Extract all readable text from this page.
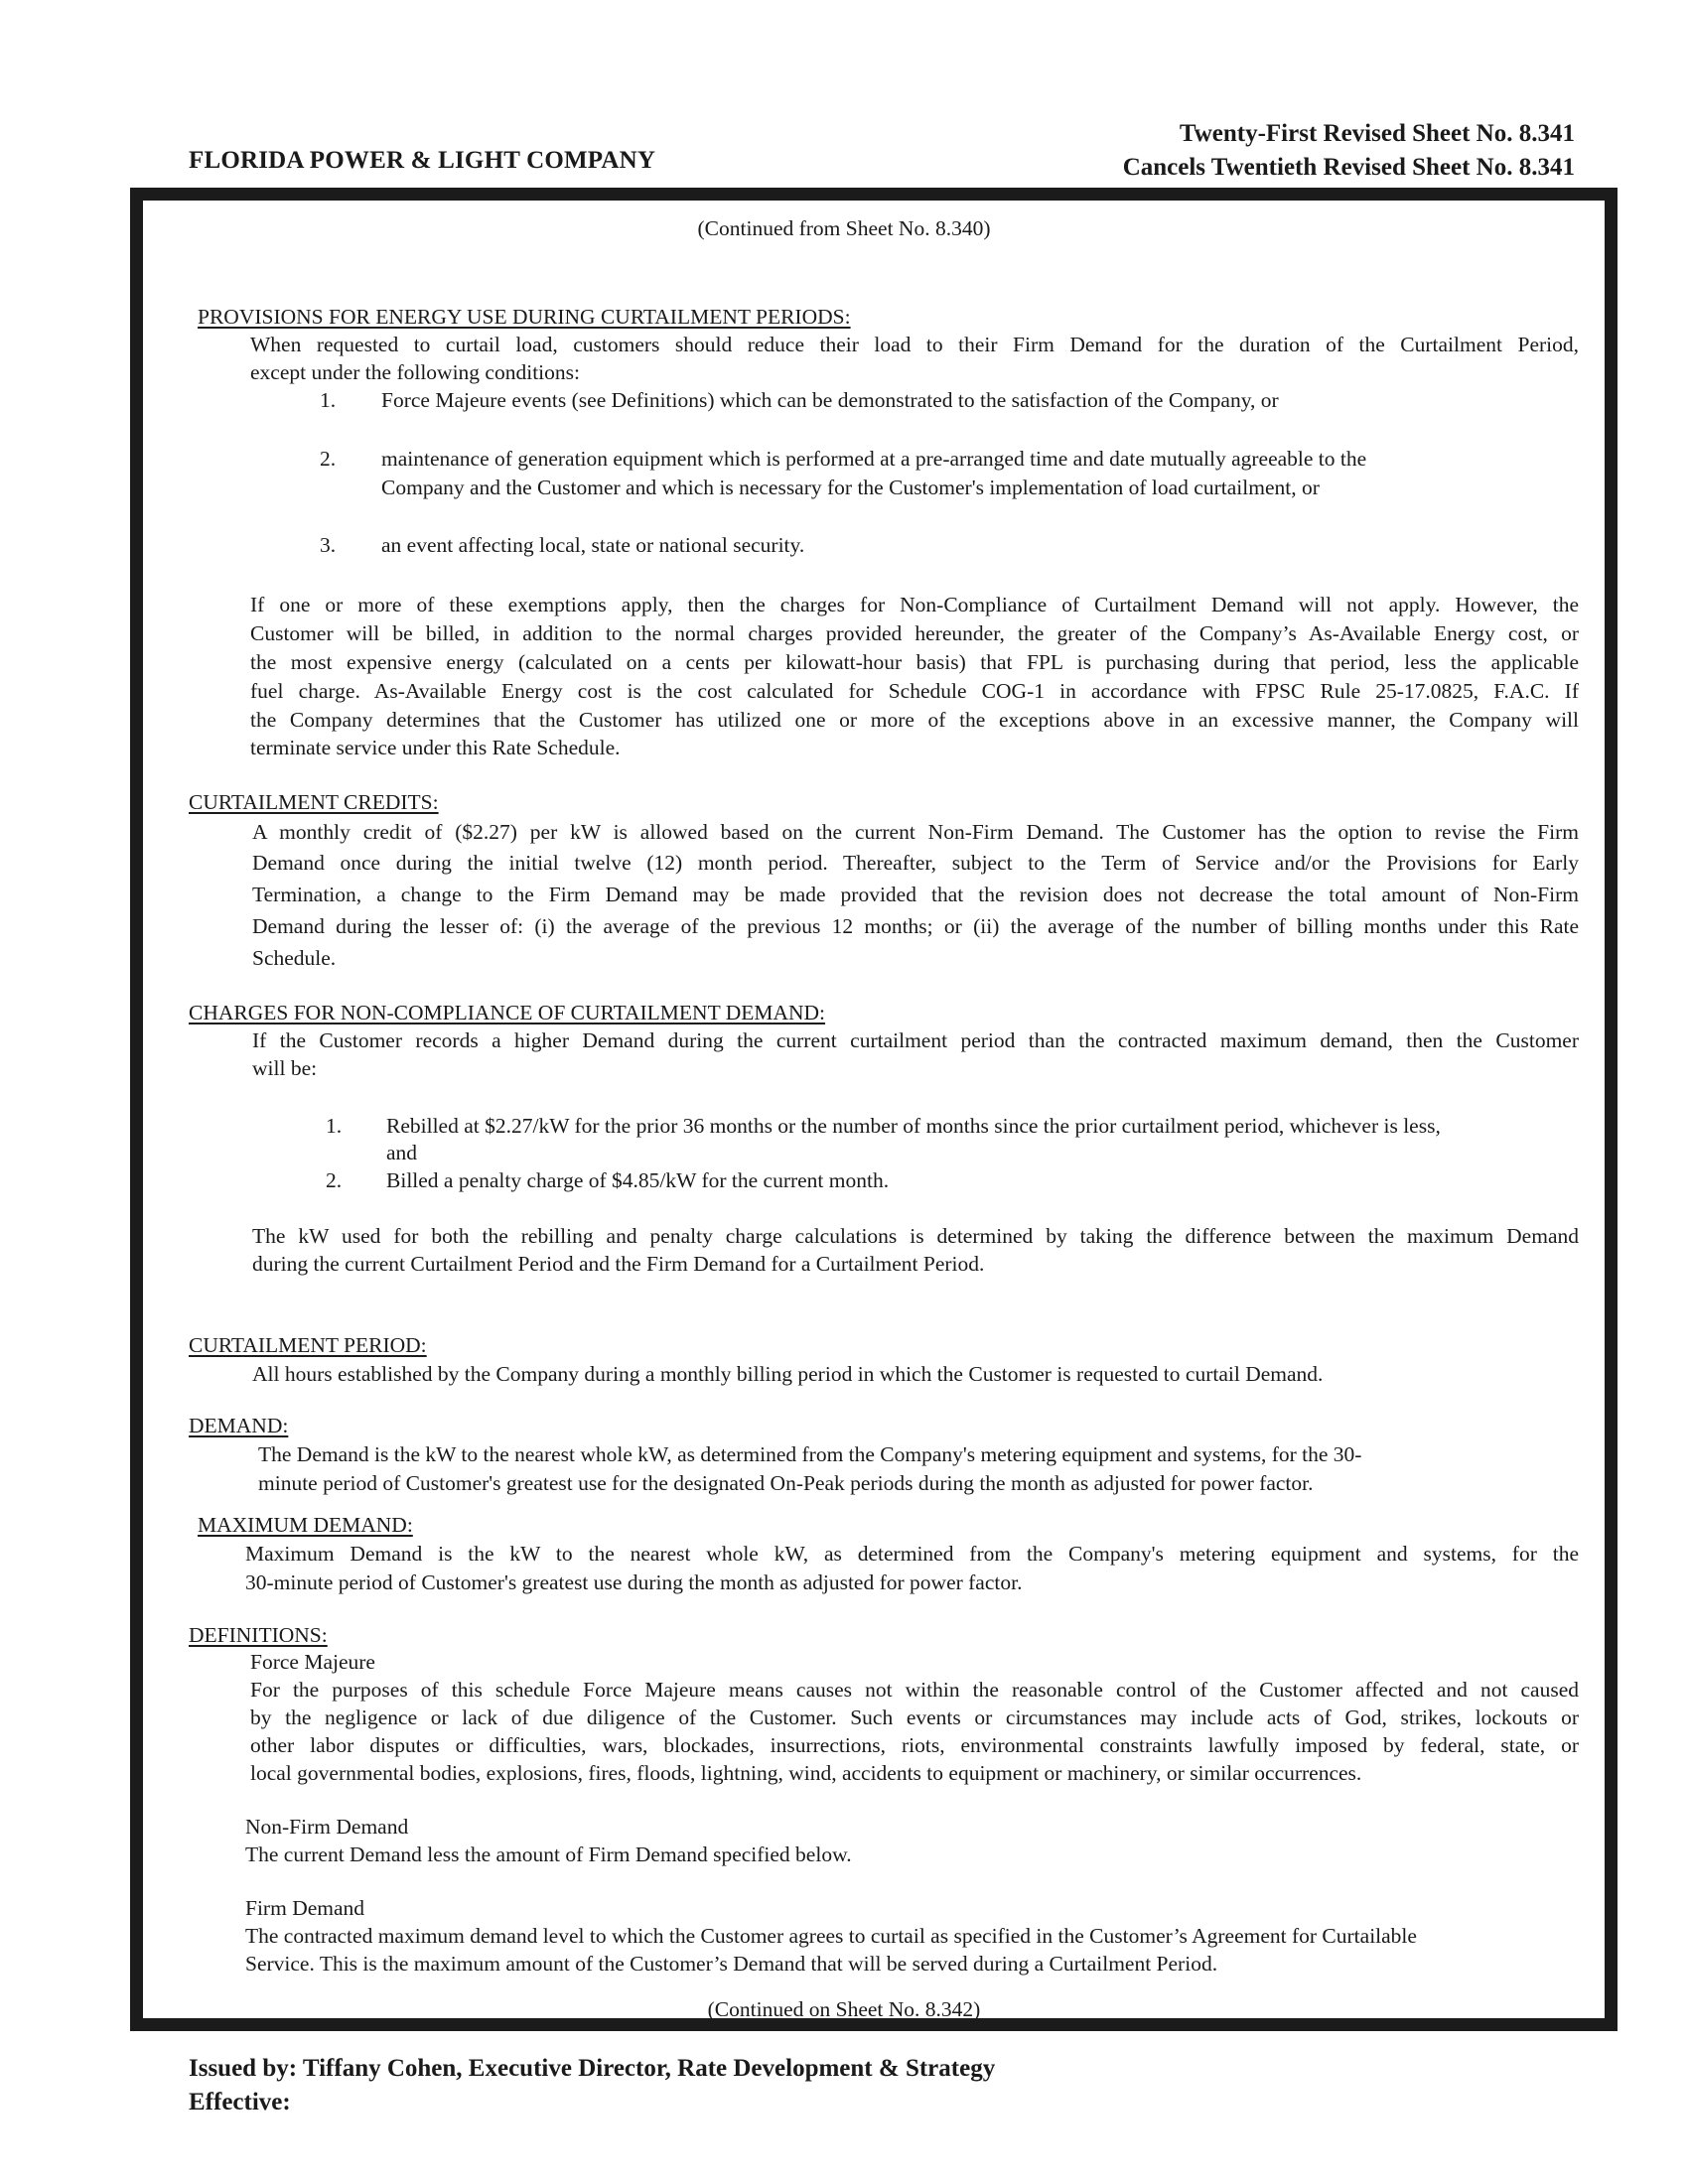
FLORIDA POWER & LIGHT COMPANY
Twenty-First Revised Sheet No. 8.341
Cancels Twentieth Revised Sheet No. 8.341
(Continued from Sheet No. 8.340)
PROVISIONS FOR ENERGY USE DURING CURTAILMENT PERIODS:
When requested to curtail load, customers should reduce their load to their Firm Demand for the duration of the Curtailment Period,
except under the following conditions:
1. Force Majeure events (see Definitions) which can be demonstrated to the satisfaction of the Company, or
2. maintenance of generation equipment which is performed at a pre-arranged time and date mutually agreeable to the
Company and the Customer and which is necessary for the Customer's implementation of load curtailment, or
3. an event affecting local, state or national security.
If one or more of these exemptions apply, then the charges for Non-Compliance of Curtailment Demand will not apply. However, the
Customer will be billed, in addition to the normal charges provided hereunder, the greater of the Company’s As-Available Energy cost, or
the most expensive energy (calculated on a cents per kilowatt-hour basis) that FPL is purchasing during that period, less the applicable
fuel charge. As-Available Energy cost is the cost calculated for Schedule COG-1 in accordance with FPSC Rule 25-17.0825, F.A.C. If
the Company determines that the Customer has utilized one or more of the exceptions above in an excessive manner, the Company will
terminate service under this Rate Schedule.
CURTAILMENT CREDITS:
A monthly credit of ($2.27) per kW is allowed based on the current Non-Firm Demand. The Customer has the option to revise the Firm
Demand once during the initial twelve (12) month period. Thereafter, subject to the Term of Service and/or the Provisions for Early
Termination, a change to the Firm Demand may be made provided that the revision does not decrease the total amount of Non-Firm
Demand during the lesser of: (i) the average of the previous 12 months; or (ii) the average of the number of billing months under this Rate
Schedule.
CHARGES FOR NON-COMPLIANCE OF CURTAILMENT DEMAND:
If the Customer records a higher Demand during the current curtailment period than the contracted maximum demand, then the Customer
will be:
1. Rebilled at $2.27/kW for the prior 36 months or the number of months since the prior curtailment period, whichever is less,
and
2. Billed a penalty charge of $4.85/kW for the current month.
The kW used for both the rebilling and penalty charge calculations is determined by taking the difference between the maximum Demand
during the current Curtailment Period and the Firm Demand for a Curtailment Period.
CURTAILMENT PERIOD:
All hours established by the Company during a monthly billing period in which the Customer is requested to curtail Demand.
DEMAND:
The Demand is the kW to the nearest whole kW, as determined from the Company's metering equipment and systems, for the 30-
minute period of Customer's greatest use for the designated On-Peak periods during the month as adjusted for power factor.
MAXIMUM DEMAND:
Maximum Demand is the kW to the nearest whole kW, as determined from the Company's metering equipment and systems, for the
30-minute period of Customer's greatest use during the month as adjusted for power factor.
DEFINITIONS:
Force Majeure
For the purposes of this schedule Force Majeure means causes not within the reasonable control of the Customer affected and not caused
by the negligence or lack of due diligence of the Customer. Such events or circumstances may include acts of God, strikes, lockouts or
other labor disputes or difficulties, wars, blockades, insurrections, riots, environmental constraints lawfully imposed by federal, state, or
local governmental bodies, explosions, fires, floods, lightning, wind, accidents to equipment or machinery, or similar occurrences.
Non-Firm Demand
The current Demand less the amount of Firm Demand specified below.
Firm Demand
The contracted maximum demand level to which the Customer agrees to curtail as specified in the Customer’s Agreement for Curtailable
Service. This is the maximum amount of the Customer’s Demand that will be served during a Curtailment Period.
(Continued on Sheet No. 8.342)
Issued by: Tiffany Cohen, Executive Director, Rate Development & Strategy
Effective:
